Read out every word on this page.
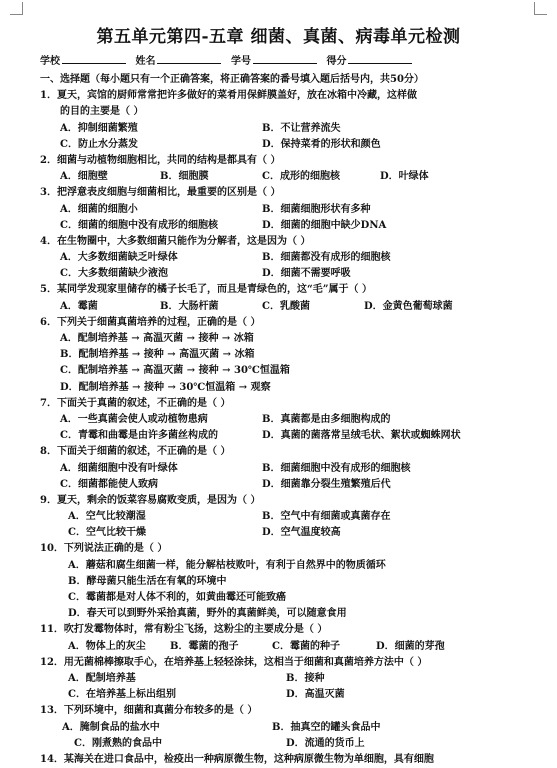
第五单元第四-五章 细菌、真菌、病毒单元检测
学校	姓名	学号	得分
一、选择题（每小题只有一个正确答案，将正确答案的番号填入题后括号内，共50分）
1．夏天，宾馆的厨师常常把许多做好的菜肴用保鲜膜盖好，放在冰箱中冷藏，这样做
的目的主要是（ ）
A．抑制细菌繁殖	B．不让营养流失
C．防止水分蒸发	D．保持菜肴的形状和颜色
2．细菌与动植物细胞相比，共同的结构是都具有（ ）
A．细胞壁	B．细胞膜	C．成形的细胞核	D．叶绿体
3．把浮意表皮细胞与细菌相比，最重要的区别是（ ）
A．细菌的细胞小	B．细菌细胞形状有多种
C．细菌的细胞中没有成形的细胞核	D．细菌的细胞中缺少DNA
4．在生物圈中，大多数细菌只能作为分解者，这是因为（ ）
A．大多数细菌缺乏叶绿体	B．细菌都没有成形的细胞核
C．大多数细菌缺少液泡	D．细菌不需要呼吸
5．某同学发现家里储存的橘子长毛了，而且是青绿色的，这“毛”属于（ ）
A．霉菌	B．大肠杆菌	C．乳酸菌	D．金黄色葡萄球菌
6．下列关于细菌真菌培养的过程，正确的是（ ）
A．配制培养基 → 高温灭菌 → 接种 → 冰箱
B．配制培养基 → 接种 → 高温灭菌 → 冰箱
C．配制培养基 → 高温灭菌 → 接种 → 30℃恒温箱
D．配制培养基 → 接种 → 30℃恒温箱 → 观察
7．下面关于真菌的叙述，不正确的是（ ）
A．一些真菌会使人或动植物患病	B．真菌都是由多细胞构成的
C．青霉和曲霉是由许多菌丝构成的	D．真菌的菌落常呈绒毛状、絮状或蜘蛛网状
8．下面关于细菌的叙述，不正确的是（ ）
A．细菌细胞中没有叶绿体	B．细菌细胞中没有成形的细胞核
C．细菌都能使人致病	D．细菌靠分裂生殖繁殖后代
9．夏天，剩余的饭菜容易腐败变质，是因为（ ）
A．空气比较潮湿	B．空气中有细菌或真菌存在
C．空气比较干燥	D．空气温度较高
10．下列说法正确的是（ ）
A．蘑菇和腐生细菌一样，能分解枯枝败叶，有利于自然界中的物质循环
B．酵母菌只能生活在有氧的环境中
C．霉菌都是对人体不利的，如黄曲霉还可能致癌
D．春天可以到野外采拾真菌，野外的真菌鲜美，可以随意食用
11．吹打发霉物体时，常有粉尘飞扬，这粉尘的主要成分是（ ）
A．物体上的灰尘 B．霉菌的孢子	C．霉菌的种子	D．细菌的芽孢
12．用无菌棉棒擦取手心，在培养基上轻轻涂抹，这相当于细菌和真菌培养方法中（ ）
A．配制培养基	B．接种
C．在培养基上标出组别	D．高温灭菌
13．下列环境中，细菌和真菌分布较多的是（ ）
A．腌制食品的盐水中	B．抽真空的罐头食品中
C．刚煮熟的食品中	D．流通的货币上
14．某海关在进口食品中，检疫出一种病原微生物，这种病原微生物为单细胞，具有细胞
